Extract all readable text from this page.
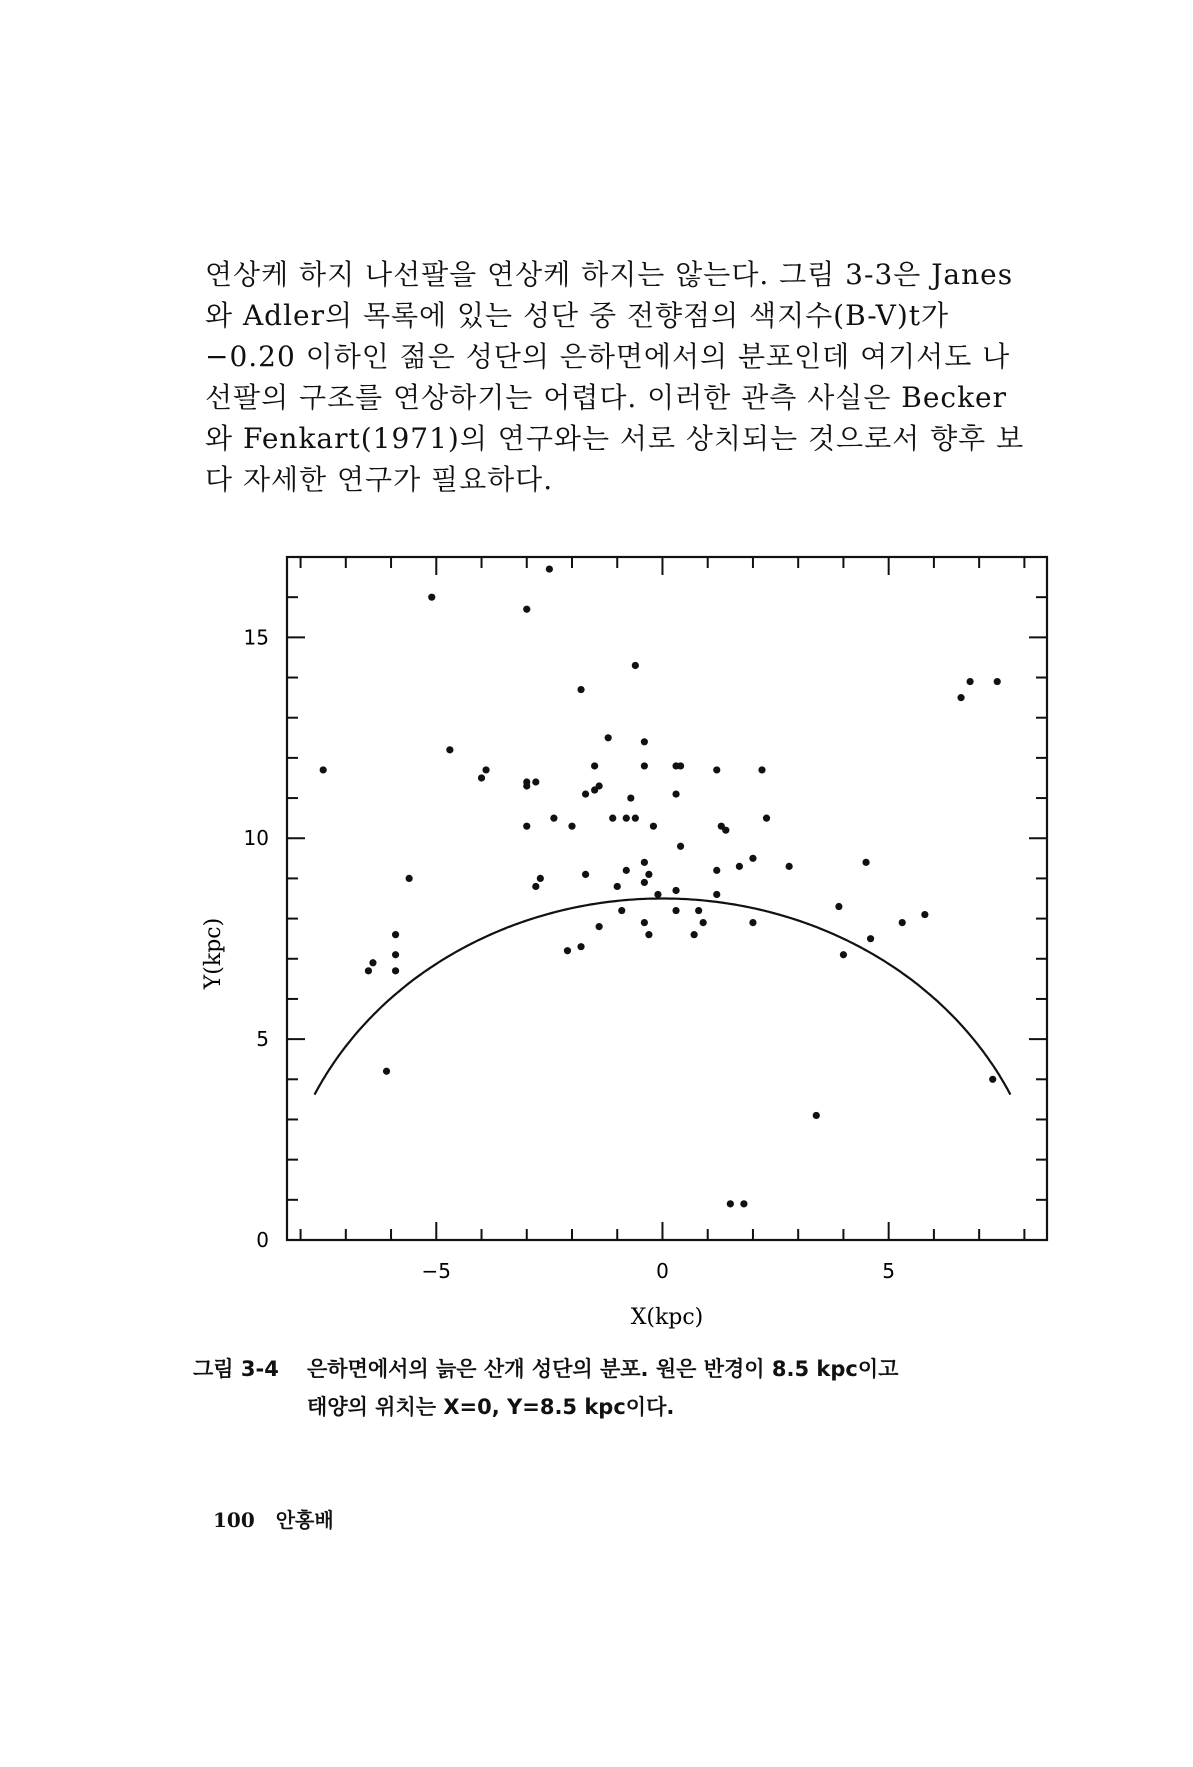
연상케 하지 나선팔을 연상케 하지는 않는다. 그림 3-3은 Janes
와 Adler의 목록에 있는 성단 중 전향점의 색지수(B-V)t가
−0.20 이하인 젊은 성단의 은하면에서의 분포인데 여기서도 나
선팔의 구조를 연상하기는 어렵다. 이러한 관측 사실은 Becker
와 Fenkart(1971)의 연구와는 서로 상치되는 것으로서 향후 보
다 자세한 연구가 필요하다.
−5	0	5
0
5
10
15
X(kpc)
Y(kpc)
그림 3-4 은하면에서의 늙은 산개 성단의 분포. 원은 반경이 8.5 kpc이고
태양의 위치는 X=0, Y=8.5 kpc이다.
100 안홍배
